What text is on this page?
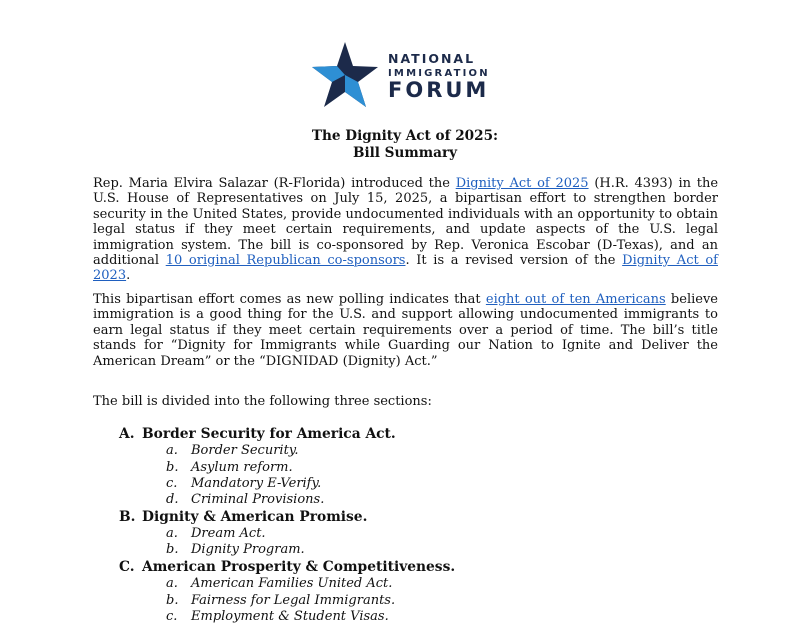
NATIONAL
IMMIGRATION
FORUM
The Dignity Act of 2025:
Bill Summary
Rep. Maria Elvira Salazar (R-Florida) introduced the Dignity Act of 2025 (H.R. 4393) in the U.S. House of Representatives on July 15, 2025, a bipartisan effort to strengthen border security in the United States, provide undocumented individuals with an opportunity to obtain legal status if they meet certain requirements, and update aspects of the U.S. legal immigration system. The bill is co-sponsored by Rep. Veronica Escobar (D-Texas), and an additional 10 original Republican co-sponsors. It is a revised version of the Dignity Act of 2023.
This bipartisan effort comes as new polling indicates that eight out of ten Americans believe immigration is a good thing for the U.S. and support allowing undocumented immigrants to earn legal status if they meet certain requirements over a period of time. The bill’s title stands for “Dignity for Immigrants while Guarding our Nation to Ignite and Deliver the American Dream” or the “DIGNIDAD (Dignity) Act.”
The bill is divided into the following three sections:
A. Border Security for America Act.
a. Border Security.
b. Asylum reform.
c. Mandatory E-Verify.
d. Criminal Provisions.
B. Dignity & American Promise.
a. Dream Act.
b. Dignity Program.
C. American Prosperity & Competitiveness.
a. American Families United Act.
b. Fairness for Legal Immigrants.
c. Employment & Student Visas.
